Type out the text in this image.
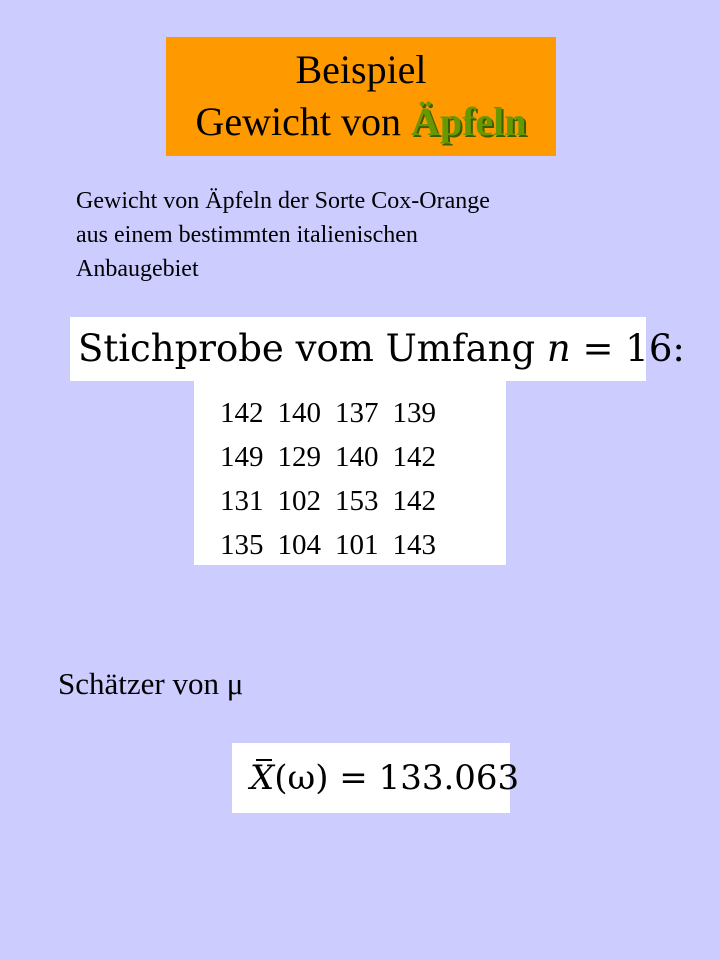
Beispiel
Gewicht von Äpfeln
Gewicht von Äpfeln der Sorte Cox-Orange
aus einem bestimmten italienischen
Anbaugebiet
Stichprobe vom Umfang n = 16:
142	140	137	139
149	129	140	142
131	102	153	142
135	104	101	143
Schätzer von μ
X(ω) = 133.063
